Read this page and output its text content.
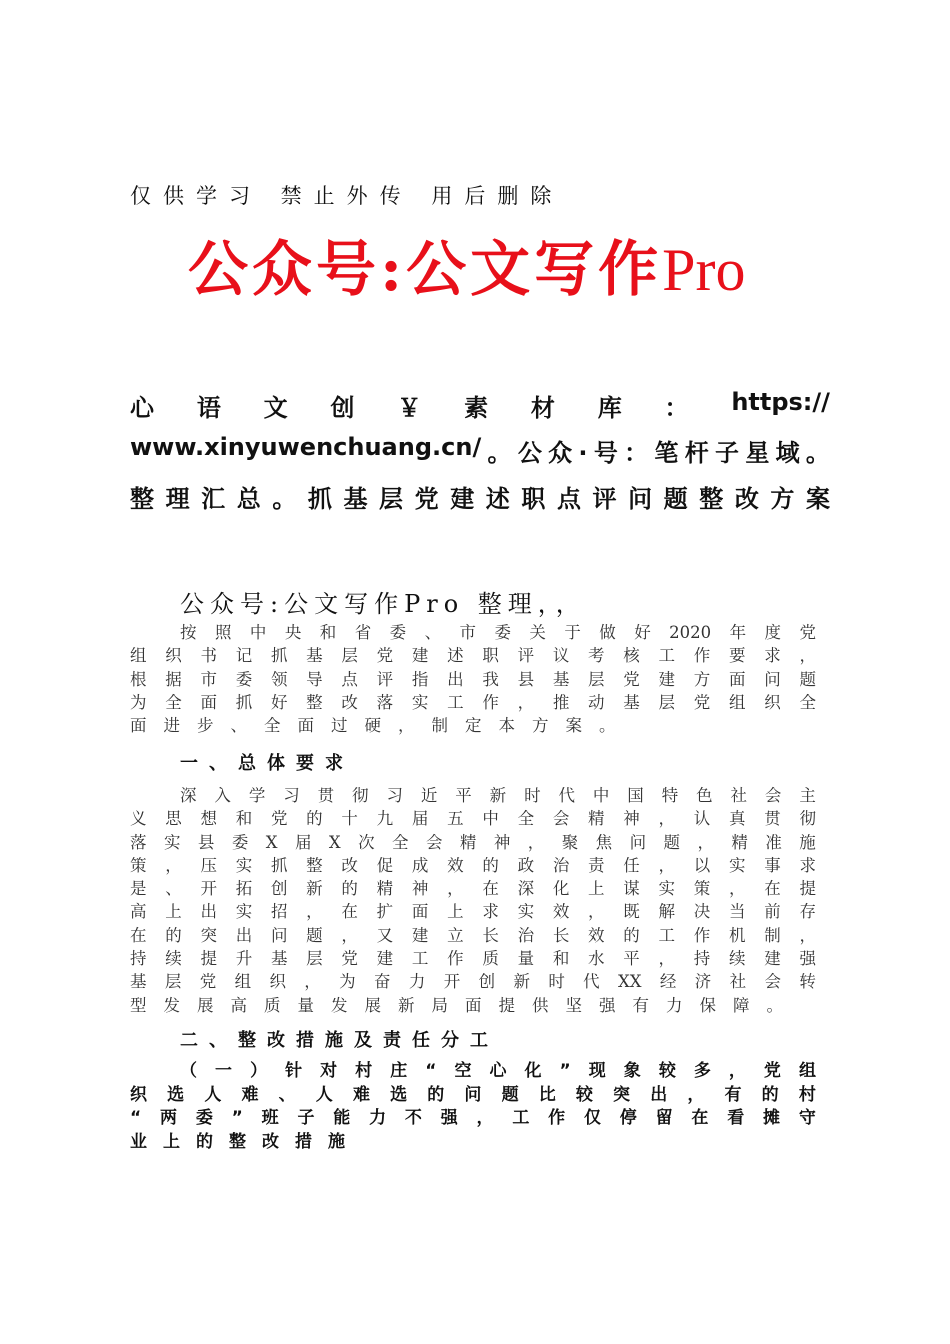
仅供学习 禁止外传 用后删除
公众号:公文写作Pro
心 语 文 创 ￥ 素 材 库 ： https://
www.xinyuwenchuang.cn/ 。 公 众 . 号 ： 笔 杆 子 星 域 。
整 理 汇 总 。 抓 基 层 党 建 述 职 点 评 问 题 整 改 方 案
公众号:公文写作Pro 整理，，
按 照 中 央 和 省 委 、 市 委 关 于 做 好 2020 年 度 党
组 织 书 记 抓 基 层 党 建 述 职 评 议 考 核 工 作 要 求 ，
根 据 市 委 领 导 点 评 指 出 我 县 基 层 党 建 方 面 问 题
为 全 面 抓 好 整 改 落 实 工 作 ， 推 动 基 层 党 组 织 全
面进步、全面过硬，制定本方案。
一、总体要求
深 入 学 习 贯 彻 习 近 平 新 时 代 中 国 特 色 社 会 主
义 思 想 和 党 的 十 九 届 五 中 全 会 精 神 ， 认 真 贯 彻
落 实 县 委 X 届 X 次 全 会 精 神 ， 聚 焦 问 题 ， 精 准 施
策 ， 压 实 抓 整 改 促 成 效 的 政 治 责 任 ， 以 实 事 求
是 、 开 拓 创 新 的 精 神 ， 在 深 化 上 谋 实 策 ， 在 提
高 上 出 实 招 ， 在 扩 面 上 求 实 效 ， 既 解 决 当 前 存
在 的 突 出 问 题 ， 又 建 立 长 治 长 效 的 工 作 机 制 ，
持 续 提 升 基 层 党 建 工 作 质 量 和 水 平 ， 持 续 建 强
基 层 党 组 织 ， 为 奋 力 开 创 新 时 代 XX 经 济 社 会 转
型发展高质量发展新局面提供坚强有力保障。
二、整改措施及责任分工
（ 一 ） 针 对 村 庄 “ 空 心 化 ” 现 象 较 多 ， 党 组
织 选 人 难 、 人 难 选 的 问 题 比 较 突 出 ， 有 的 村
“ 两 委 ” 班 子 能 力 不 强 ， 工 作 仅 停 留 在 看 摊 守
业上的整改措施
